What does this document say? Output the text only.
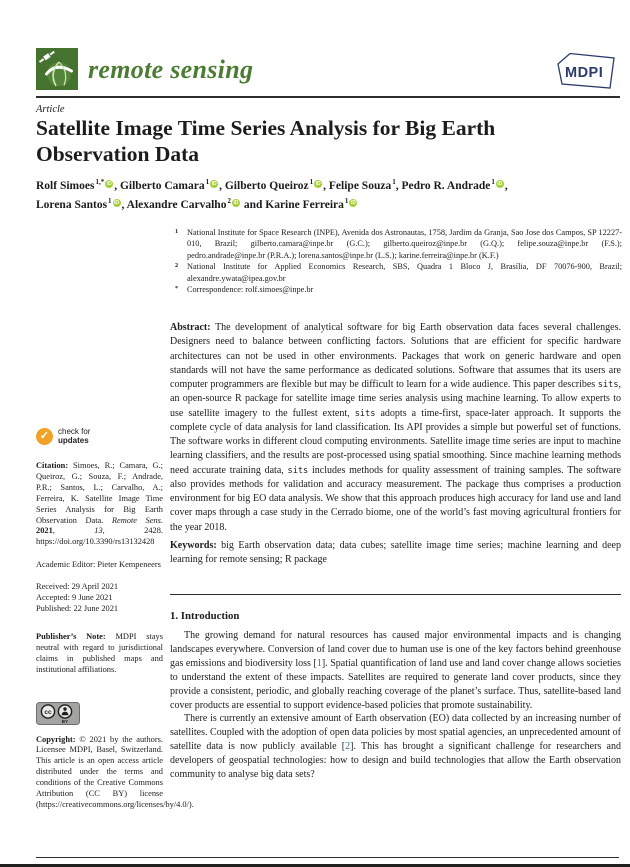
remote sensing	MDPI
Article
Satellite Image Time Series Analysis for Big Earth Observation Data
Rolf Simoes$^{1,*}$ iD , Gilberto Camara$^1$ iD , Gilberto Queiroz$^1$ iD , Felipe Souza$^1$, Pedro R. Andrade$^1$ iD ,
Lorena Santos$^1$ iD , Alexandre Carvalho$^2$ iD and Karine Ferreira$^1$ iD
1	National Institute for Space Research (INPE), Avenida dos Astronautas, 1758, Jardim da Granja, Sao Jose dos Campos, SP 12227-010, Brazil; gilberto.camara@inpe.br (G.C.); gilberto.queiroz@inpe.br (G.Q.); felipe.souza@inpe.br (F.S.); pedro.andrade@inpe.br (P.R.A.); lorena.santos@inpe.br (L.S.); karine.ferreira@inpe.br (K.F.)
2	National Institute for Applied Economics Research, SBS, Quadra 1 Bloco J, Brasília, DF 70076-900, Brazil; alexandre.ywata@ipea.gov.br
*	Correspondence: rolf.simoes@inpe.br

Abstract: The development of analytical software for big Earth observation data faces several challenges. Designers need to balance between conflicting factors. Solutions that are efficient for specific hardware architectures can not be used in other environments. Packages that work on generic hardware and open standards will not have the same performance as dedicated solutions. Software that assumes that its users are computer programmers are flexible but may be difficult to learn for a wide audience. This paper describes sits, an open-source R package for satellite image time series analysis using machine learning. To allow experts to use satellite imagery to the fullest extent, sits adopts a time-first, space-later approach. It supports the complete cycle of data analysis for land classification. Its API provides a simple but powerful set of functions. The software works in different cloud computing environments. Satellite image time series are input to machine learning classifiers, and the results are post-processed using spatial smoothing. Since machine learning methods need accurate training data, sits includes methods for quality assessment of training samples. The software also provides methods for validation and accuracy measurement. The package thus comprises a production environment for big EO data analysis. We show that this approach produces high accuracy for land use and land cover maps through a case study in the Cerrado biome, one of the world’s fast moving agricultural frontiers for the year 2018.

Keywords: big Earth observation data; data cubes; satellite image time series; machine learning and deep learning for remote sensing; R package

1. Introduction

The growing demand for natural resources has caused major environmental impacts and is changing landscapes everywhere. Conversion of land cover due to human use is one of the key factors behind greenhouse gas emissions and biodiversity loss [1]. Spatial quantification of land use and land cover change allows societies to understand the extent of these impacts. Satellites are required to generate land cover products, since they provide a consistent, periodic, and globally reaching coverage of the planet’s surface. Thus, satellite-based land cover products are essential to support evidence-based policies that promote sustainability.

There is currently an extensive amount of Earth observation (EO) data collected by an increasing number of satellites. Coupled with the adoption of open data policies by most spatial agencies, an unprecedented amount of satellite data is now publicly available [2]. This has brought a significant challenge for researchers and developers of geospatial technologies: how to design and build technologies that allow the Earth observation community to analyse big data sets?

✓	check for
updates

Citation: Simoes, R.; Camara, G.; Queiroz, G.; Souza, F.; Andrade, P.R.; Santos, L.; Carvalho, A.; Ferreira, K. Satellite Image Time Series Analysis for Big Earth Observation Data. Remote Sens. 2021, 13, 2428. https://doi.org/10.3390/rs13132428

Academic Editor: Pieter Kempeneers

Received: 29 April 2021
Accepted: 9 June 2021
Published: 22 June 2021

Publisher’s Note: MDPI stays neutral with regard to jurisdictional claims in published maps and institutional affiliations.

cc
BY

Copyright: © 2021 by the authors. Licensee MDPI, Basel, Switzerland. This article is an open access article distributed under the terms and conditions of the Creative Commons Attribution (CC BY) license (https://creativecommons.org/licenses/by/4.0/).
